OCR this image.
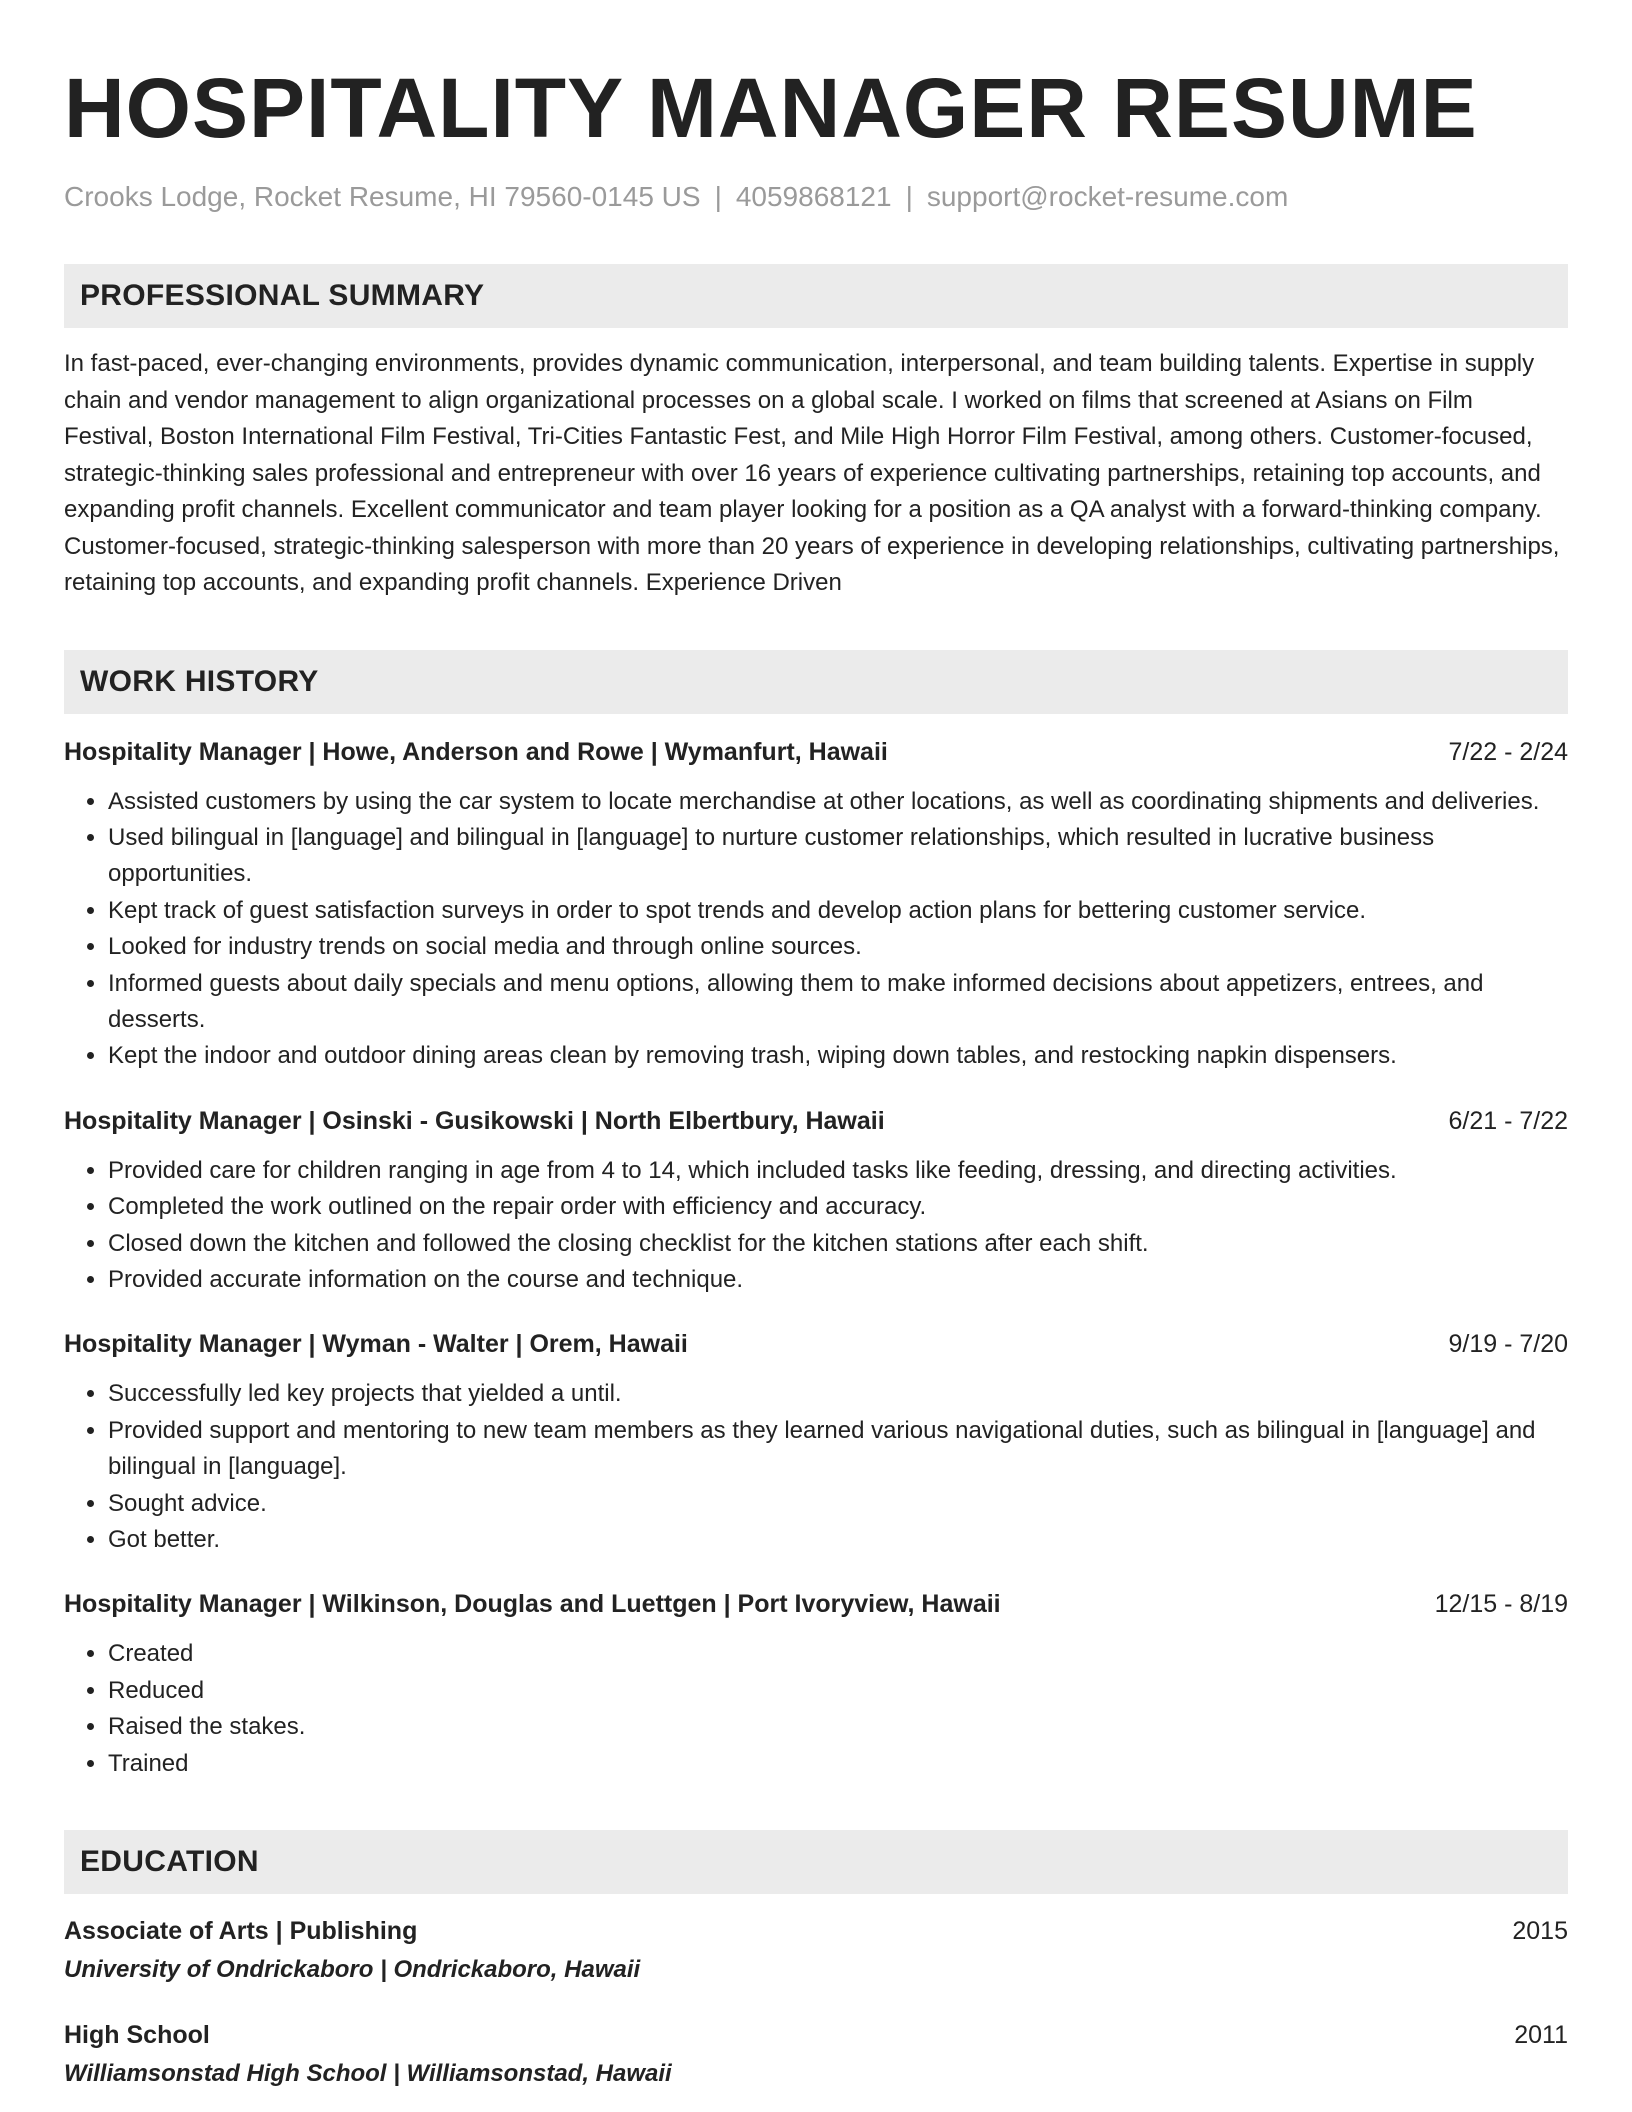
HOSPITALITY MANAGER RESUME
Crooks Lodge, Rocket Resume, HI 79560-0145 US | 4059868121 | support@rocket-resume.com
PROFESSIONAL SUMMARY
In fast-paced, ever-changing environments, provides dynamic communication, interpersonal, and team building talents. Expertise in supply chain and vendor management to align organizational processes on a global scale. I worked on films that screened at Asians on Film Festival, Boston International Film Festival, Tri-Cities Fantastic Fest, and Mile High Horror Film Festival, among others. Customer-focused, strategic-thinking sales professional and entrepreneur with over 16 years of experience cultivating partnerships, retaining top accounts, and expanding profit channels. Excellent communicator and team player looking for a position as a QA analyst with a forward-thinking company. Customer-focused, strategic-thinking salesperson with more than 20 years of experience in developing relationships, cultivating partnerships, retaining top accounts, and expanding profit channels. Experience Driven
WORK HISTORY
Hospitality Manager | Howe, Anderson and Rowe | Wymanfurt, Hawaii	7/22 - 2/24
• Assisted customers by using the car system to locate merchandise at other locations, as well as coordinating shipments and deliveries.
• Used bilingual in [language] and bilingual in [language] to nurture customer relationships, which resulted in lucrative business opportunities.
• Kept track of guest satisfaction surveys in order to spot trends and develop action plans for bettering customer service.
• Looked for industry trends on social media and through online sources.
• Informed guests about daily specials and menu options, allowing them to make informed decisions about appetizers, entrees, and desserts.
• Kept the indoor and outdoor dining areas clean by removing trash, wiping down tables, and restocking napkin dispensers.
Hospitality Manager | Osinski - Gusikowski | North Elbertbury, Hawaii	6/21 - 7/22
• Provided care for children ranging in age from 4 to 14, which included tasks like feeding, dressing, and directing activities.
• Completed the work outlined on the repair order with efficiency and accuracy.
• Closed down the kitchen and followed the closing checklist for the kitchen stations after each shift.
• Provided accurate information on the course and technique.
Hospitality Manager | Wyman - Walter | Orem, Hawaii	9/19 - 7/20
• Successfully led key projects that yielded a until.
• Provided support and mentoring to new team members as they learned various navigational duties, such as bilingual in [language] and bilingual in [language].
• Sought advice.
• Got better.
Hospitality Manager | Wilkinson, Douglas and Luettgen | Port Ivoryview, Hawaii	12/15 - 8/19
• Created
• Reduced
• Raised the stakes.
• Trained
EDUCATION
Associate of Arts | Publishing	2015
University of Ondrickaboro | Ondrickaboro, Hawaii
High School	2011
Williamsonstad High School | Williamsonstad, Hawaii
